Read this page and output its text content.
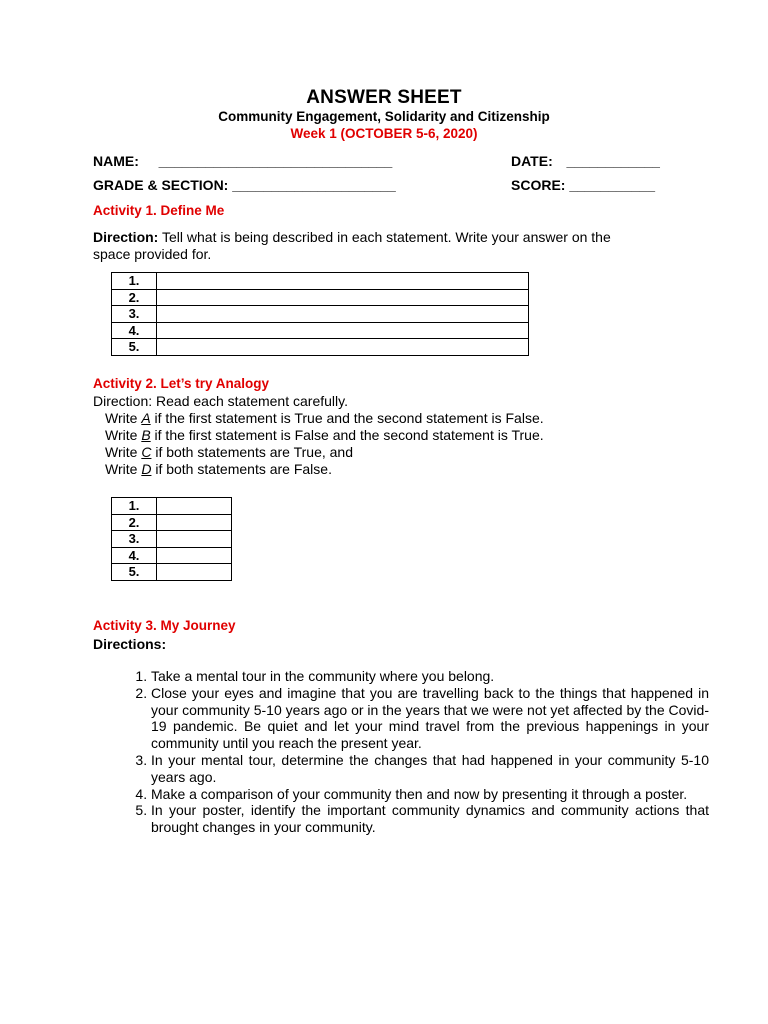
ANSWER SHEET
Community Engagement, Solidarity and Citizenship
Week 1 (OCTOBER 5-6, 2020)
NAME: ______________________________	DATE: ____________
GRADE & SECTION: _____________________	SCORE: ___________
Activity 1. Define Me
Direction: Tell what is being described in each statement. Write your answer on the
space provided for.
1.	
2.	
3.	
4.	
5.	
Activity 2. Let’s try Analogy
Direction: Read each statement carefully.
Write A if the first statement is True and the second statement is False.
Write B if the first statement is False and the second statement is True.
Write C if both statements are True, and
Write D if both statements are False.
1.	
2.	
3.	
4.	
5.	
Activity 3. My Journey
Directions:
1. Take a mental tour in the community where you belong.
2. Close your eyes and imagine that you are travelling back to the things that happened in your community 5-10 years ago or in the years that we were not yet affected by the Covid-19 pandemic. Be quiet and let your mind travel from the previous happenings in your community until you reach the present year.
3. In your mental tour, determine the changes that had happened in your community 5-10 years ago.
4. Make a comparison of your community then and now by presenting it through a poster.
5. In your poster, identify the important community dynamics and community actions that brought changes in your community.
